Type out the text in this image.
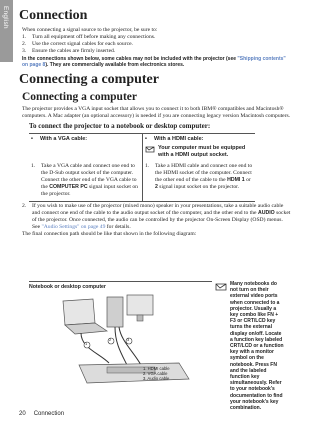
English Connection

When connecting a signal source to the projector, be sure to:

1.	Turn all equipment off before making any connections.
2.	Use the correct signal cables for each source.
3.	Ensure the cables are firmly inserted.

In the connections shown below, some cables may not be included with the projector (see "Shipping contents" on page 8). They are commercially available from electronics stores.

Connecting a computer
Connecting a computer

The projector provides a VGA input socket that allows you to connect it to both IBM® compatibles and Macintosh® computers. A Mac adapter (an optional accessory) is needed if you are connecting legacy version Macintosh computers.

To connect the projector to a notebook or desktop computer:
•	With a VGA cable:
1.	Take a VGA cable and connect one end to the D-Sub output socket of the computer. Connect the other end of the VGA cable to the COMPUTER PC signal input socket on the projector.
•	With a HDMI cable:
Your computer must be equipped with a HDMI output socket.
1.	Take a HDMI cable and connect one end to the HDMI socket of the computer. Connect the other end of the cable to the HDMI 1 or 2 signal input socket on the projector.
2.	If you wish to make use of the projector (mixed mono) speaker in your presentations, take a suitable audio cable and connect one end of the cable to the audio output socket of the computer, and the other end to the AUDIO socket of the projector. Once connected, the audio can be controlled by the projector On-Screen Display (OSD) menus. See "Audio Settings" on page 49 for details.

The final connection path should be like that shown in the following diagram:

Notebook or desktop computer
1
2	3
1. HDMI cable
2. VGA cable
3. Audio cable
Many notebooks do not turn on their external video ports when connected to a projector. Usually a key combo like FN + F3 or CRT/LCD key turns the external display on/off. Locate a function key labeled CRT/LCD or a function key with a monitor symbol on the notebook. Press FN and the labeled function key simultaneously. Refer to your notebook's documentation to find your notebook's key combination.
20 Connection
